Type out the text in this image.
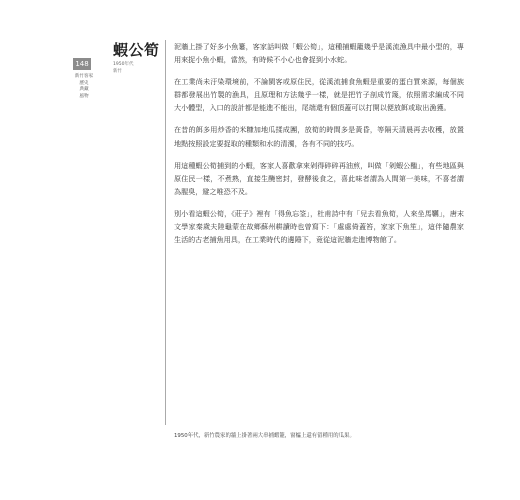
148
新竹客家
歷史
典藏
風物
蝦公筍
1950年代
新竹

泥牆上掛了好多小魚簍，客家話叫做「蝦公筍」，這種捕蝦籠幾乎是溪流漁具中最小型的，專用來捉小魚小蝦，當然，有時候不小心也會捉到小水蛇。

在工業尚未汙染環境前，不論閩客或原住民，從溪流捕食魚蝦是重要的蛋白質來源，每個族群都發展出竹製的漁具，且原理和方法幾乎一樣，就是把竹子剖成竹篾，依照需求編成不同大小體型，入口的設計都是能進不能出，尾端還有個頂蓋可以打開以便放餌或取出漁獲。

在昔的餌多用炒香的米糠加地瓜揉成團，放筍的時間多是黃昏，等隔天清晨再去收穫，放置地點按照設定要捉取的種類和水的清濁，各有不同的技巧。

用這種蝦公筍捕到的小蝦，客家人喜歡拿來剁得碎碎再油煎，叫做「剁蝦公醢」，有些地區與原住民一樣，不煮熟，直接生醃密封，發酵後食之，喜此味者謂為人間第一美味，不喜者謂為腥臭，避之唯恐不及。

別小看這蝦公筍，《莊子》裡有「得魚忘筌」，杜甫詩中有「兒去看魚筍，人來坐馬韉」，唐末文學家秦歲夫陸龜蒙在故鄉蘇州耕讀時也曾寫下：「處處倚蓋笞，家家下魚笙」，這伴隨農家生活的古老捕魚用具，在工業時代的邊陲下，竟從這泥牆走進博物館了。

1950年代，新竹農家的牆上掛著兩大串捕蝦籠，窗櫺上還有留種用的瓜果。
